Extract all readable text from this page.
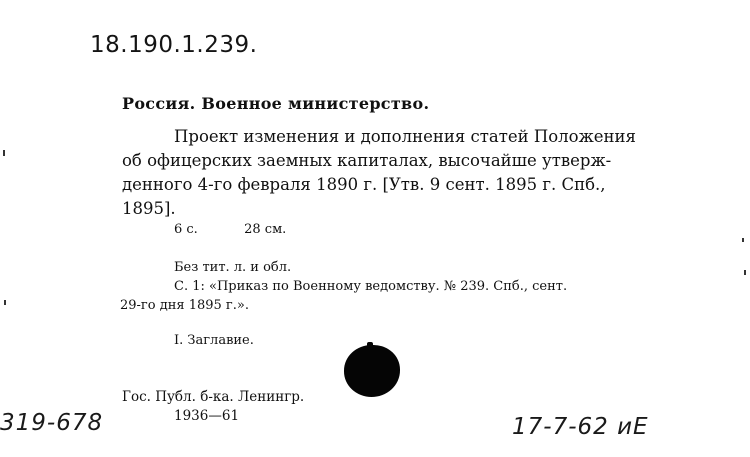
18.190.1.239.
Россия. Военное министерство.
Проект изменения и дополнения статей Положения
об офицерских заемных капиталах, высочайше утверж-
денного 4-го февраля 1890 г. [Утв. 9 сент. 1895 г. Спб.,
1895].
6 с.	28 см.
Без тит. л. и обл.
С. 1: «Приказ по Военному ведомству. № 239. Спб., сент.
29-го дня 1895 г.».
I. Заглавие.
Гос. Публ. б-ка. Ленингр.
1936—61
319-678	17-7-62 иЕ
